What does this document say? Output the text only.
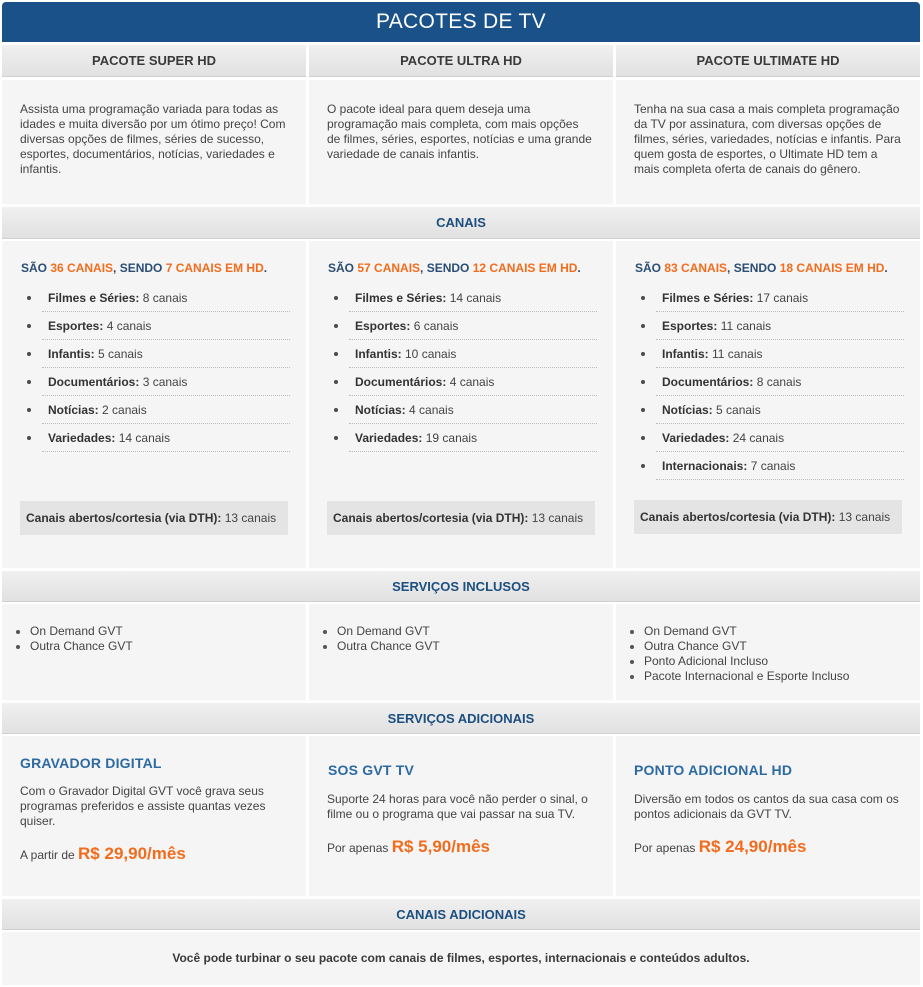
PACOTES DE TV
PACOTE SUPER HD	PACOTE ULTRA HD	PACOTE ULTIMATE HD
Assista uma programação variada para todas as idades e muita diversão por um ótimo preço! Com diversas opções de filmes, séries de sucesso, esportes, documentários, notícias, variedades e infantis.
O pacote ideal para quem deseja uma programação mais completa, com mais opções de filmes, séries, esportes, notícias e uma grande variedade de canais infantis.
Tenha na sua casa a mais completa programação da TV por assinatura, com diversas opções de filmes, séries, variedades, notícias e infantis. Para quem gosta de esportes, o Ultimate HD tem a mais completa oferta de canais do gênero.
CANAIS
SÃO 36 CANAIS, SENDO 7 CANAIS EM HD.
Filmes e Séries: 8 canais
Esportes: 4 canais
Infantis: 5 canais
Documentários: 3 canais
Notícias: 2 canais
Variedades: 14 canais
Canais abertos/cortesia (via DTH): 13 canais
SÃO 57 CANAIS, SENDO 12 CANAIS EM HD.
Filmes e Séries: 14 canais
Esportes: 6 canais
Infantis: 10 canais
Documentários: 4 canais
Notícias: 4 canais
Variedades: 19 canais
Canais abertos/cortesia (via DTH): 13 canais
SÃO 83 CANAIS, SENDO 18 CANAIS EM HD.
Filmes e Séries: 17 canais
Esportes: 11 canais
Infantis: 11 canais
Documentários: 8 canais
Notícias: 5 canais
Variedades: 24 canais
Internacionais: 7 canais
Canais abertos/cortesia (via DTH): 13 canais
SERVIÇOS INCLUSOS
On Demand GVT
Outra Chance GVT
On Demand GVT
Outra Chance GVT
On Demand GVT
Outra Chance GVT
Ponto Adicional Incluso
Pacote Internacional e Esporte Incluso
SERVIÇOS ADICIONAIS
GRAVADOR DIGITAL
Com o Gravador Digital GVT você grava seus programas preferidos e assiste quantas vezes quiser.
A partir de R$ 29,90/mês
SOS GVT TV
Suporte 24 horas para você não perder o sinal, o filme ou o programa que vai passar na sua TV.
Por apenas R$ 5,90/mês
PONTO ADICIONAL HD
Diversão em todos os cantos da sua casa com os pontos adicionais da GVT TV.
Por apenas R$ 24,90/mês
CANAIS ADICIONAIS
Você pode turbinar o seu pacote com canais de filmes, esportes, internacionais e conteúdos adultos.
